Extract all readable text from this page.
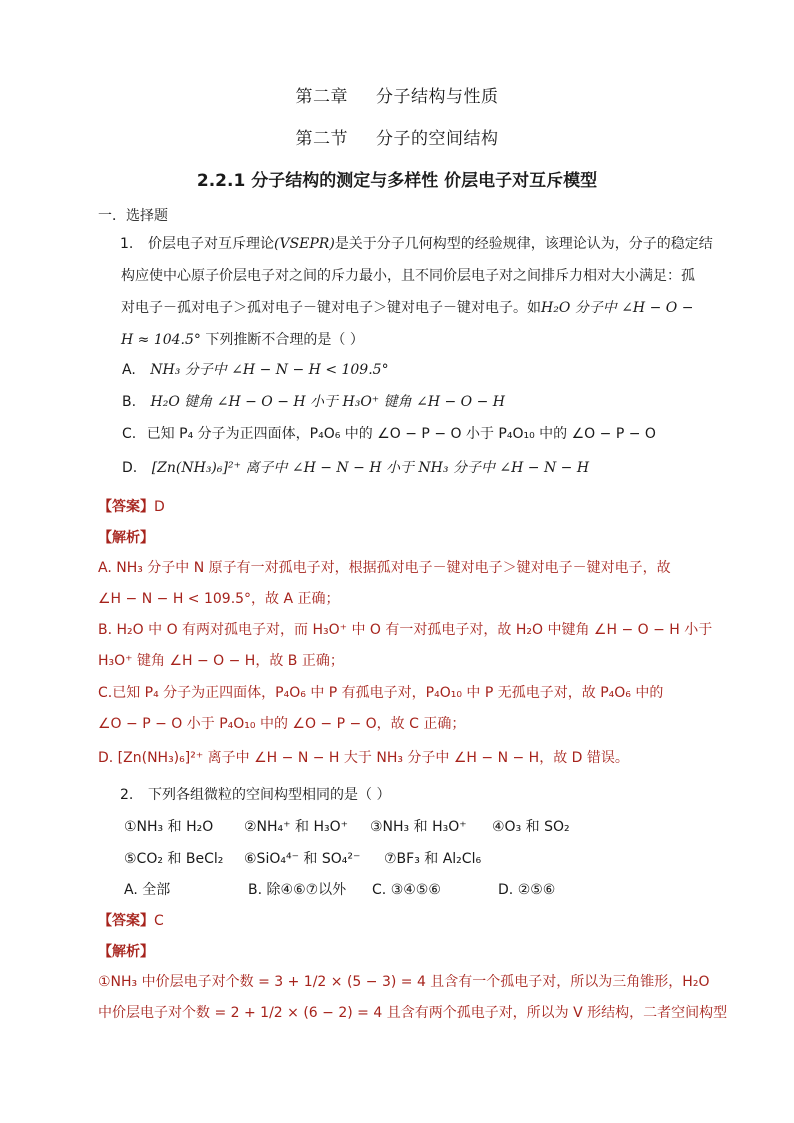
第二章 分子结构与性质
第二节 分子的空间结构
2.2.1 分子结构的测定与多样性 价层电子对互斥模型
一．选择题
1. 价层电子对互斥理论(VSEPR)是关于分子几何构型的经验规律，该理论认为，分子的稳定结
构应使中心原子价层电子对之间的斥力最小，且不同价层电子对之间排斥力相对大小满足：孤
对电子－孤对电子＞孤对电子－键对电子＞键对电子－键对电子。如H₂O 分子中 ∠H − O −
H ≈ 104.5° 下列推断不合理的是（ ）
A. NH₃ 分子中 ∠H − N − H < 109.5°
B. H₂O 键角 ∠H − O − H 小于 H₃O⁺ 键角 ∠H − O − H
C. 已知 P₄ 分子为正四面体，P₄O₆ 中的 ∠O − P − O 小于 P₄O₁₀ 中的 ∠O − P − O
D. [Zn(NH₃)₆]²⁺ 离子中 ∠H − N − H 小于 NH₃ 分子中 ∠H − N − H
【答案】D
【解析】
A. NH₃ 分子中 N 原子有一对孤电子对，根据孤对电子－键对电子＞键对电子－键对电子，故
∠H − N − H < 109.5°，故 A 正确；
B. H₂O 中 O 有两对孤电子对，而 H₃O⁺ 中 O 有一对孤电子对，故 H₂O 中键角 ∠H − O − H 小于
H₃O⁺ 键角 ∠H − O − H，故 B 正确；
C.已知 P₄ 分子为正四面体，P₄O₆ 中 P 有孤电子对，P₄O₁₀ 中 P 无孤电子对，故 P₄O₆ 中的
∠O − P − O 小于 P₄O₁₀ 中的 ∠O − P − O，故 C 正确；
D. [Zn(NH₃)₆]²⁺ 离子中 ∠H − N − H 大于 NH₃ 分子中 ∠H − N − H，故 D 错误。
2. 下列各组微粒的空间构型相同的是（ ）
①NH₃ 和 H₂O ②NH₄⁺ 和 H₃O⁺ ③NH₃ 和 H₃O⁺ ④O₃ 和 SO₂
⑤CO₂ 和 BeCl₂ ⑥SiO₄⁴⁻ 和 SO₄²⁻ ⑦BF₃ 和 Al₂Cl₆
A. 全部	B. 除④⑥⑦以外 C. ③④⑤⑥	D. ②⑤⑥
【答案】C
【解析】
①NH₃ 中价层电子对个数 = 3 + 1/2 × (5 − 3) = 4 且含有一个孤电子对，所以为三角锥形，H₂O
中价层电子对个数 = 2 + 1/2 × (6 − 2) = 4 且含有两个孤电子对，所以为 V 形结构，二者空间构型
